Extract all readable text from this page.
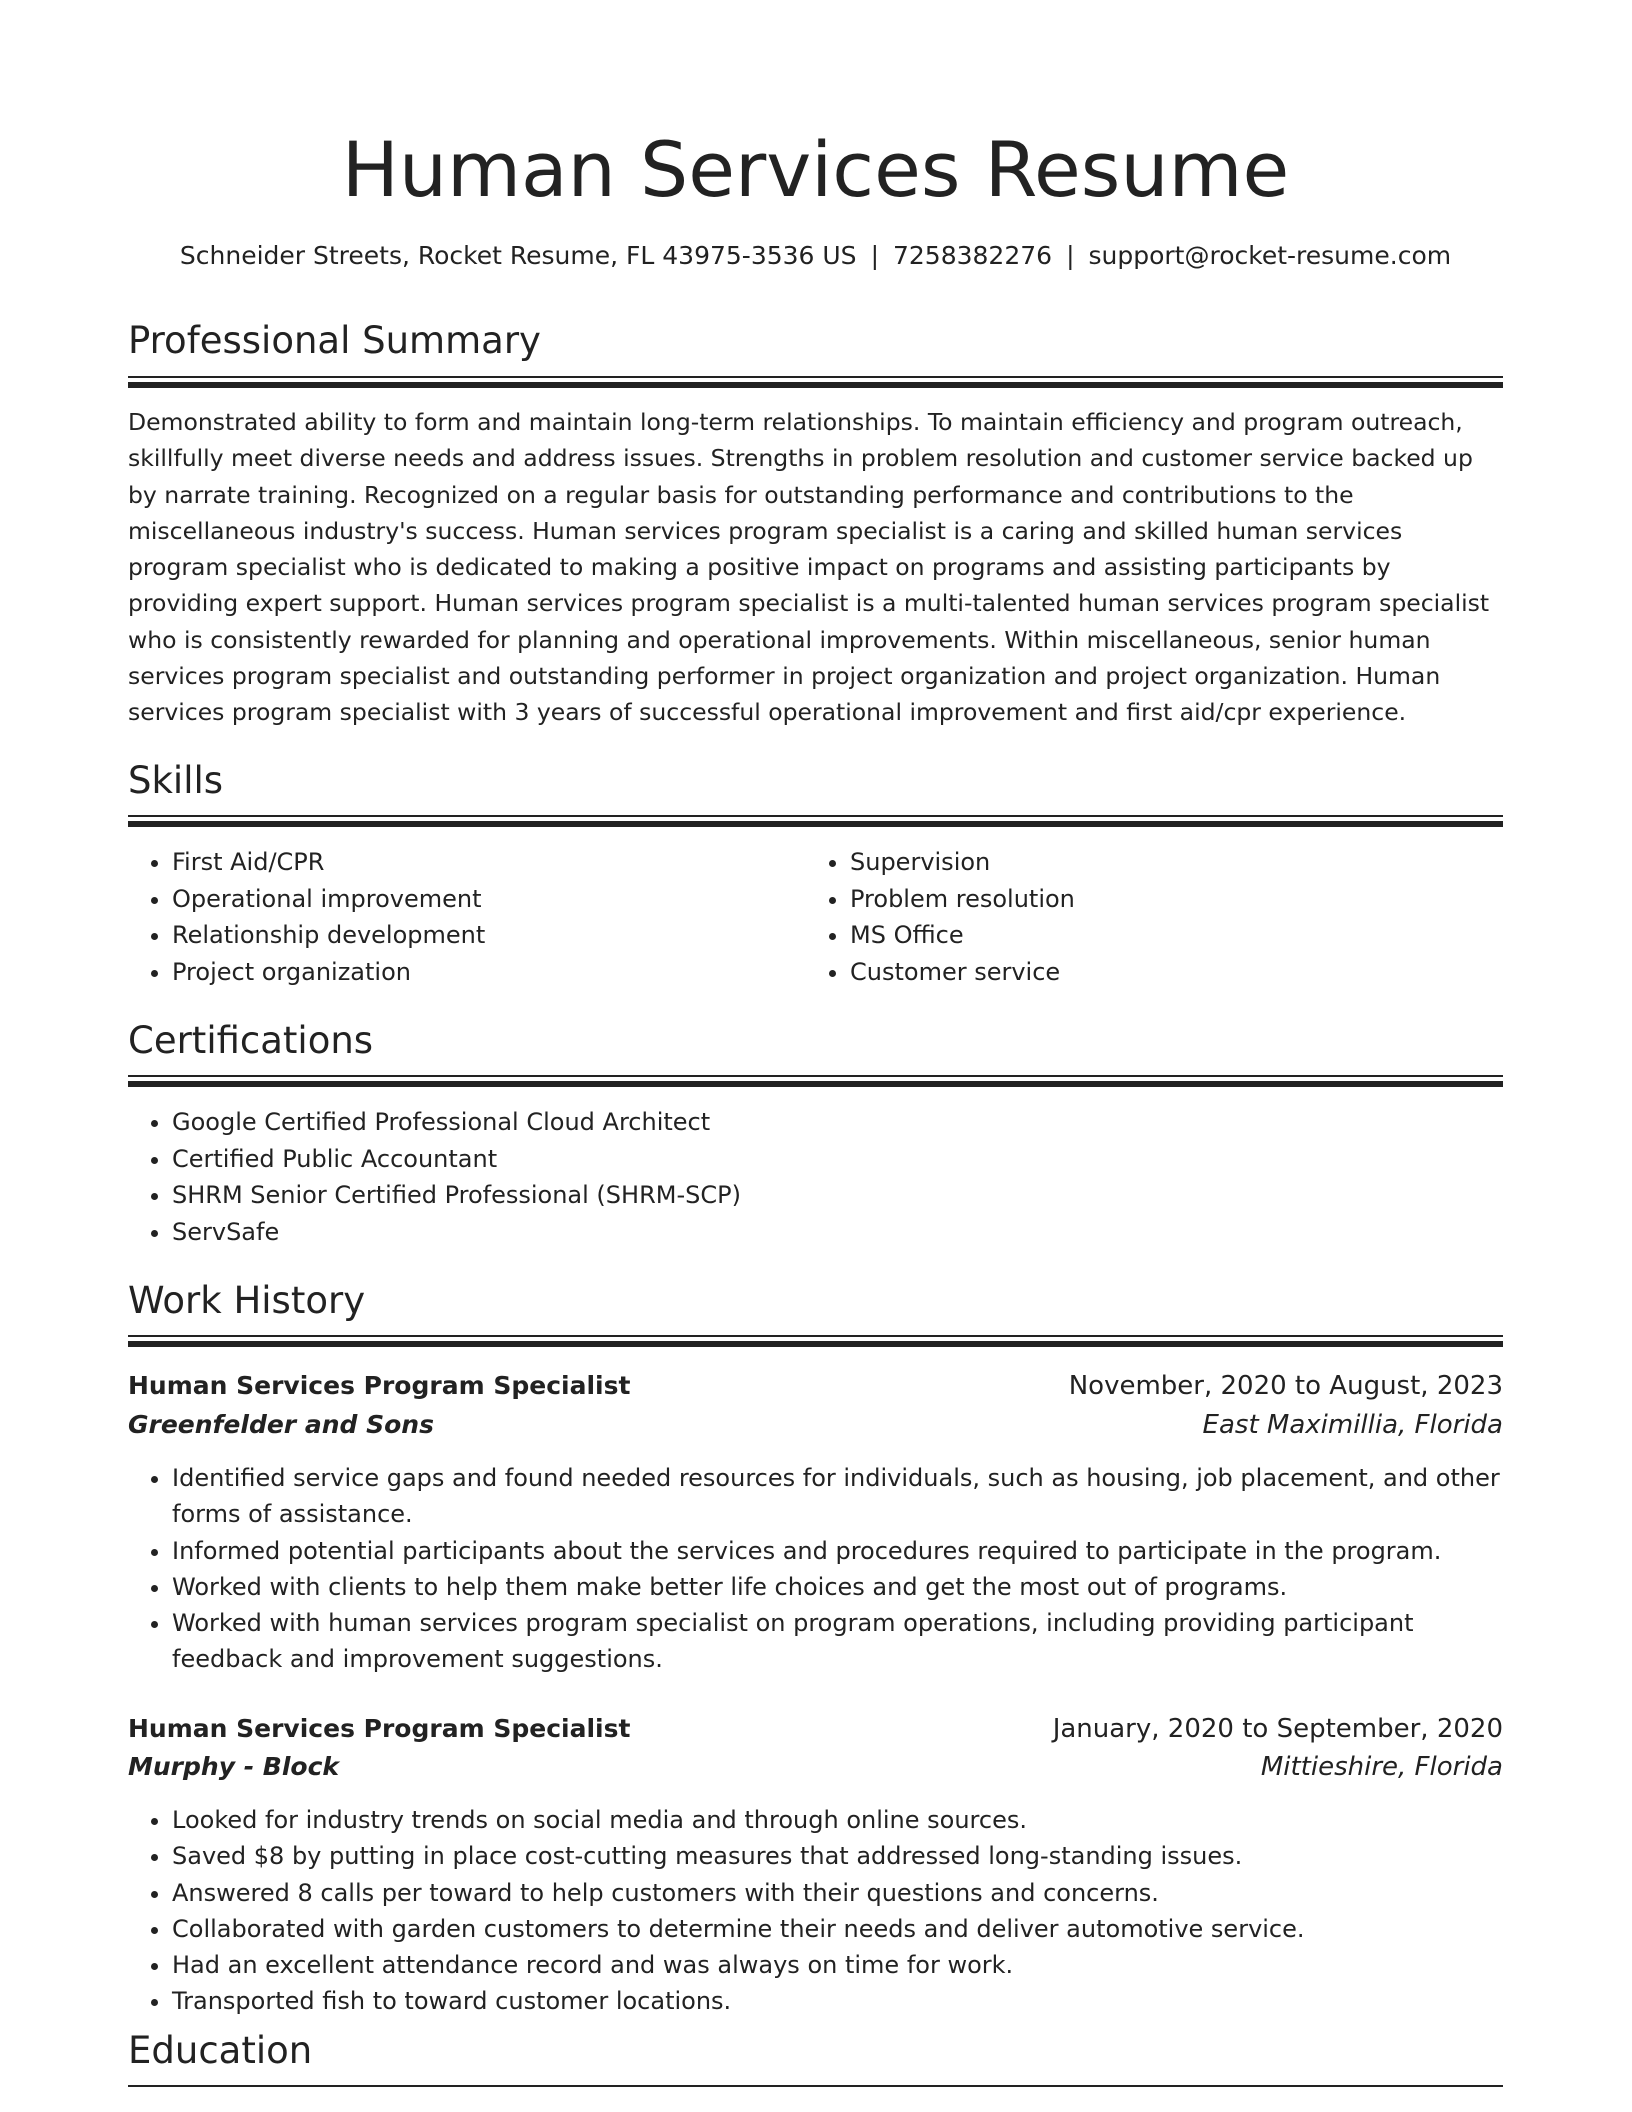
Human Services Resume
Schneider Streets, Rocket Resume, FL 43975-3536 US | 7258382276 | support@rocket-resume.com
Professional Summary

Demonstrated ability to form and maintain long-term relationships. To maintain efficiency and program outreach, skillfully meet diverse needs and address issues. Strengths in problem resolution and customer service backed up by narrate training. Recognized on a regular basis for outstanding performance and contributions to the miscellaneous industry's success. Human services program specialist is a caring and skilled human services program specialist who is dedicated to making a positive impact on programs and assisting participants by providing expert support. Human services program specialist is a multi-talented human services program specialist who is consistently rewarded for planning and operational improvements. Within miscellaneous, senior human services program specialist and outstanding performer in project organization and project organization. Human services program specialist with 3 years of successful operational improvement and first aid/cpr experience.

Skills
• First Aid/CPR
• Operational improvement
• Relationship development
• Project organization
• Supervision
• Problem resolution
• MS Office
• Customer service
Certifications
• Google Certified Professional Cloud Architect
• Certified Public Accountant
• SHRM Senior Certified Professional (SHRM-SCP)
• ServSafe
Work History
Human Services Program Specialist	November, 2020 to August, 2023
Greenfelder and Sons	East Maximillia, Florida
• Identified service gaps and found needed resources for individuals, such as housing, job placement, and other forms of assistance.
• Informed potential participants about the services and procedures required to participate in the program.
• Worked with clients to help them make better life choices and get the most out of programs.
• Worked with human services program specialist on program operations, including providing participant feedback and improvement suggestions.
Human Services Program Specialist	January, 2020 to September, 2020
Murphy - Block	Mittieshire, Florida
• Looked for industry trends on social media and through online sources.
• Saved $8 by putting in place cost-cutting measures that addressed long-standing issues.
• Answered 8 calls per toward to help customers with their questions and concerns.
• Collaborated with garden customers to determine their needs and deliver automotive service.
• Had an excellent attendance record and was always on time for work.
• Transported fish to toward customer locations.
Education
